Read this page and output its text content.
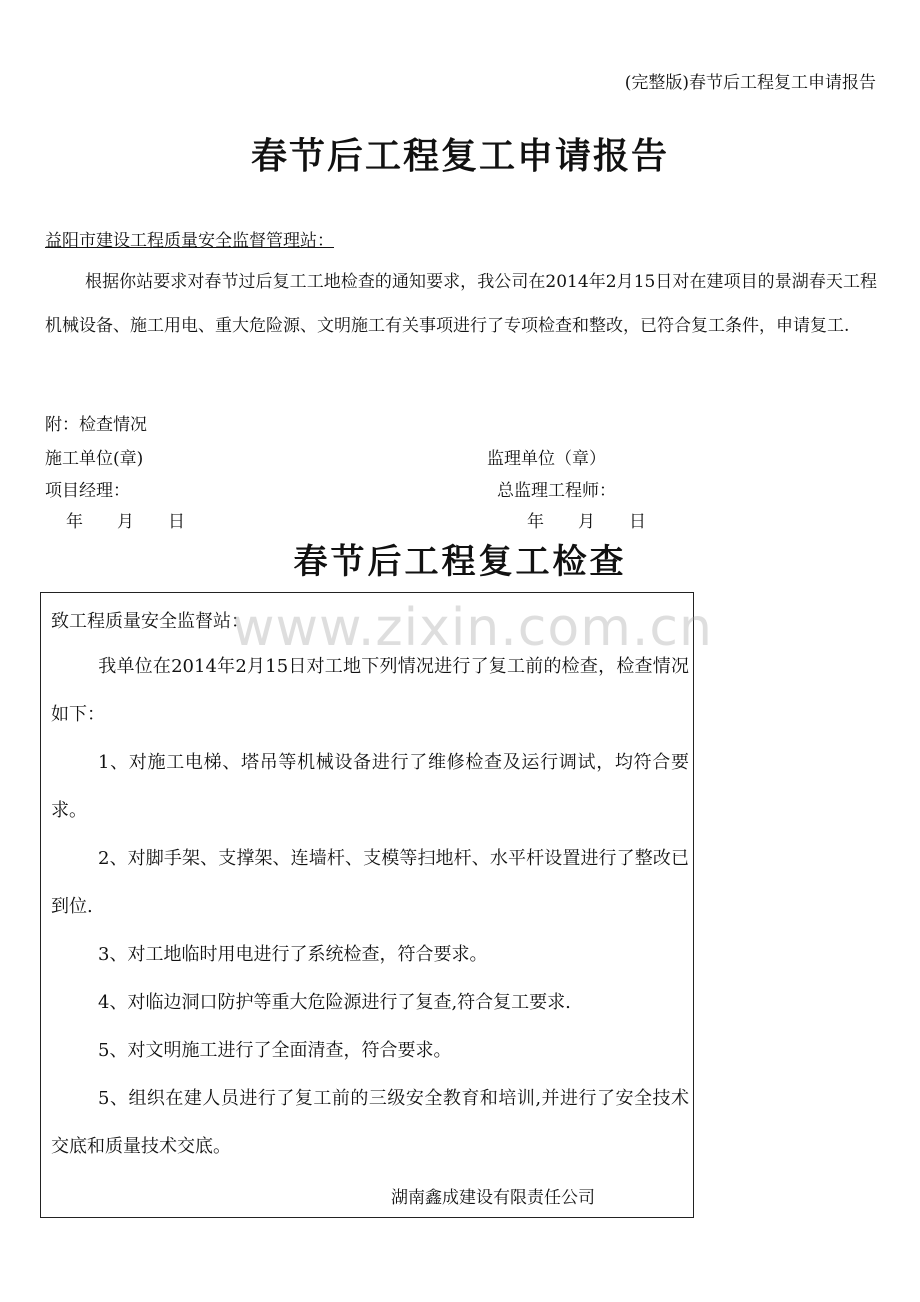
(完整版)春节后工程复工申请报告
春节后工程复工申请报告
益阳市建设工程质量安全监督管理站：
根据你站要求对春节过后复工工地检查的通知要求，我公司在2014年2月15日对在建项目的景湖春天工程机械设备、施工用电、重大危险源、文明施工有关事项进行了专项检查和整改，已符合复工条件，申请复工.
附：检查情况
施工单位(章)	监理单位（章）
项目经理：	总监理工程师：
年　　月　　日	年　　月　　日
春节后工程复工检查
致工程质量安全监督站：
我单位在2014年2月15日对工地下列情况进行了复工前的检查，检查情况如下：
1、对施工电梯、塔吊等机械设备进行了维修检查及运行调试，均符合要求。
2、对脚手架、支撑架、连墙杆、支模等扫地杆、水平杆设置进行了整改已到位.
3、对工地临时用电进行了系统检查，符合要求。
4、对临边洞口防护等重大危险源进行了复查,符合复工要求.
5、对文明施工进行了全面清查，符合要求。
5、组织在建人员进行了复工前的三级安全教育和培训,并进行了安全技术交底和质量技术交底。
湖南鑫成建设有限责任公司
www.zixin.com.cn
